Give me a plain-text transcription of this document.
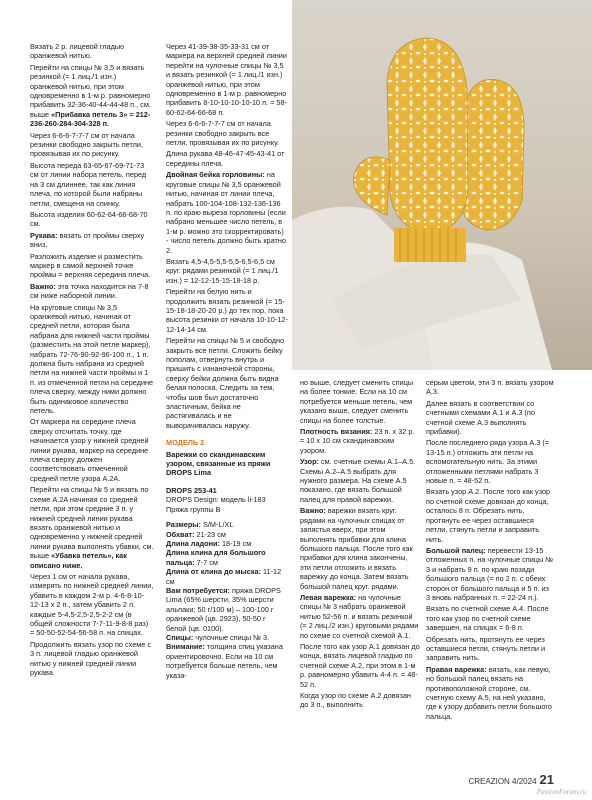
Вязать 2 р. лицевой гладью оранжевой нитью.

Перейти на спицы № 3,5 и вязать резинкой (= 1 лиц./1 изн.) оранжевой нитью, при этом одновременно в 1-м р. равномерно прибавить 32-36-40-44-44-48 п., см. выше «Прибавка петель 3» = 212-236-260-284-304-328 п.

Через 6-6-6-7-7-7 см от начала резинки свободно закрыть петли, провязывая их по рисунку.

Высота переда 63-65-67-69-71-73 см от линии набора петель, перед на 3 см длиннее, так как линия плеча, по которой были набраны петли, смещена на спинку.

Высота изделия 60-62-64-66-68-70 см.

Рукава: вязать от проймы сверху вниз.

Разложить изделие и разместить маркер в самой верхней точке проймы = верхняя середина плеча.

Важно: эта точка находится на 7-8 см ниже наборной линии.

На круговые спицы № 3,5 оранжевой нитью, начиная от средней петли, которая была набрана для нижней части проймы (разместить на этой петле маркер), набрать 72-76-90-92-96-100 п., 1 п. должна быть набрана из средней петли на нижней части проймы и 1 п. из отмеченной петли на середине плеча сверху, между ними должно быть одинаковое количество петель.

От маркера на середине плеча сверху отсчитать точку, где начинается узор у нижней средней линии рукава, маркер на середине плеча сверху должен соответствовать отмеченной средней петле узора A.2A.

Перейти на спицы № 5 и вязать по схеме A.2A начиная со средней петли, при этом средние 3 п. у нижней средней линии рукава вязать оранжевой нитью и одновременно у нижней средней линии рукава выполнять убавки, см. выше «Убавка петель», как описано ниже.

Через 1 см от начала рукава, измерять по нижней средней линии, убавить в каждом 2-м р. 4-6-8-10-12-13 х 2 п., затем убавить 2 п. каждые 5-4,5-2,5-2,5-2-2 см (в общей сложности 7-7-11-9-8-8 раз) = 50-50-52-54-56-58 п. на спицах.

Продолжить вязать узор по схеме с 3 п. лицевой гладью оранжевой нитью у нижней средней линии рукава.

Через 41-39-38-35-33-31 см от маркера на верхней средней линии перейти на чулочные спицы № 3,5 и вязать резинкой (= 1 лиц./1 изн.) оранжевой нитью, при этом одновременно в 1-м р. равномерно прибавить 8-10-10-10-10-10 п. = 58-60-62-64-66-68 п.

Через 6-6-6-7-7-7 см от начала резинки свободно закрыть все петли, провязывая их по рисунку.

Длина рукава 48-46-47-45-43-41 от середины плеча.

Двойная бейка горловины: на круговые спицы № 3,5 оранжевой нитью, начиная от линии плеча, набрать 100-104-108-132-136-136 п. по краю выреза горловины (если набрано меньшее число петель, в 1-м р. можно это скорректировать) - число петель должно быть кратно 2.

Вязать 4,5-4,5-5,5-5,5-6,5-6,5 см круг. рядами резинкой (= 1 лиц./1 изн.) = 12-12-15-15-18-18 р.

Перейти на белую нить и продолжить вязать резинкой (= 15-15-18-18-20-20 р.) до тех пор, пока высота резинки от начала 10-10-12-12-14-14 см.

Перейти на спицы № 5 и свободно закрыть все петли. Сложить бейку пополам, отвернуть внутрь и пришить с изнаночной стороны, сверху бейки должна быть видна белая полоска. Следить за тем, чтобы шов был достаточно эластичным, бейка не растягивалась и не выворачивалась наружу.

МОДЕЛЬ 2

Варежки со скандинавским узором, связанные из пряжи DROPS Lima

DROPS 253-41

DROPS Design: модель li-183

Пряжа группы B

Размеры: S/M-L/XL

Обхват: 21-23 см

Длина ладони: 18-19 см

Длина клина для большого пальца: 7-7 см

Длина от клина до мыска: 11-12 см

Вам потребуется: пряжа DROPS Lima (65% шерсти, 35% шерсти альпаки; 50 г/100 м) – 100-100 г оранжевой (цв. 2923), 50-50 г белой (цв. 0100).

Спицы: чулочные спицы № 3.

Внимание: толщина спиц указана ориентировочно. Если на 10 см потребуется больше петель, чем указа-

но выше, следует сменить спицы на более тонкие. Если на 10 см потребуется меньше петель, чем указано выше, следует сменить спицы на более толстые.

Плотность вязания: 23 п. х 32 р. = 10 х 10 см скандинавским узором.

Узор: см. счетные схемы А.1–А.5. Схемы А.2–А.5 выбрать для нужного размера. На схеме А.5 показано, где вязать большой палец для правой варежки.

Важно: варежки вязать круг. рядами на чулочных спицах от запястья вверх, при этом выполнять прибавки для клина большого пальца. После того как прибавки для клина закончены, эти петли отложить и вязать варежку до конца. Затем вязать большой палец круг. рядами.

Левая варежка: на чулочные спицы № 3 набрать оранжевой нитью 52-56 п. и вязать резинкой (= 2 лиц./2 изн.) круговыми рядами по схеме со счетной схемой А.1.

После того как узор А.1 довязан до конца, вязать лицевой гладью по счетной схеме А.2, при этом в 1-м р. равномерно убавить 4-4 п. = 48-52 п.

Когда узор по схеме А.2 довязан до 3 п., выполнить

серым цветом, эти 3 п. вязать узором А.3.

Далее вязать в соответствии со счетными схемами А.1 и А.3 (по счетной схеме А.3 выполнять прибавки).

После последнего ряда узора А.3 (= 13-15 п.) отложить эти петли на вспомогательную нить. За этими отложенными петлями набрать 3 новые п. = 48-52 п.

Вязать узор А.2. После того как узор по счетной схеме довязан до конца, осталось 8 п. Обрезать нить, протянуть ее через оставшиеся петли, стянуть петли и заправить нить.

Большой палец: перевести 13-15 отложенных п. на чулочные спицы № 3 и набрать 9 п. по краю позади большого пальца (= по 2 п. с обеих сторон от большого пальца и 5 п. из 3 вновь набранных п. = 22-24 п.).

Вязать по счетной схеме А.4. После того как узор по счетной схеме завершен, на спицах = 6-8 п.

Обрезать нить, протянуть ее через оставшиеся петли, стянуть петли и заправить нить.

Правая варежка: вязать, как левую, но большой палец вязать на противоположной стороне, см. счетную схему А.5, на ней указано, где к узору добавить петли большого пальца.

CREAZION 4/2024 21
PassionForum.ru
